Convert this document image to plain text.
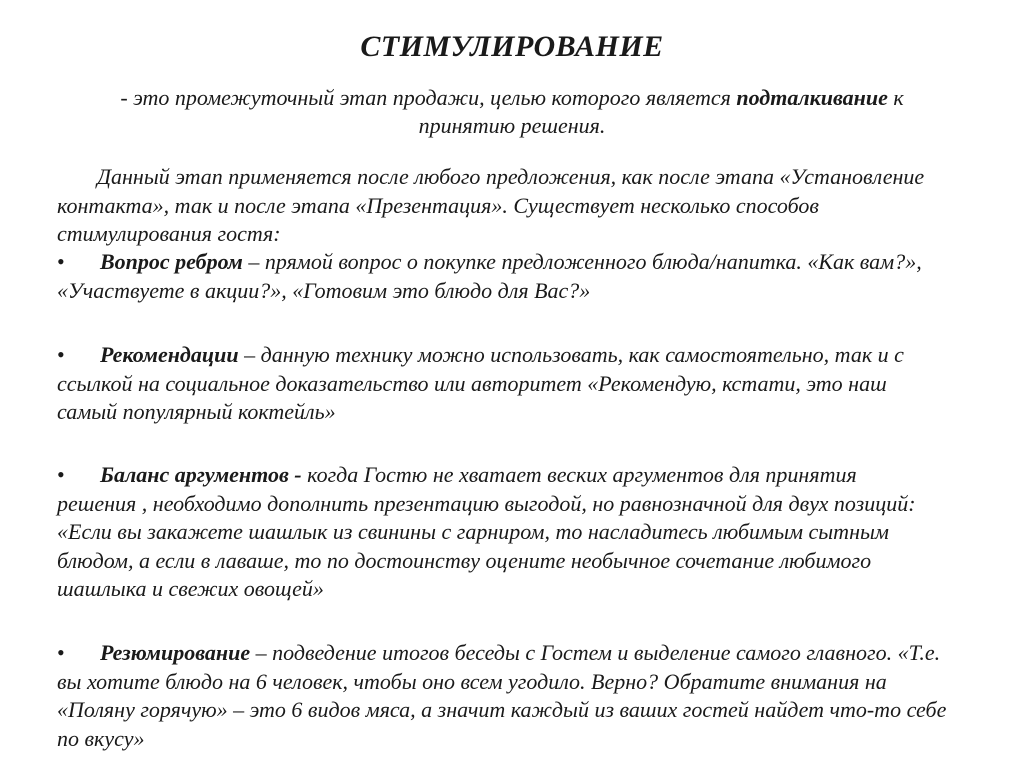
СТИМУЛИРОВАНИЕ
- это промежуточный этап продажи, целью которого является подталкивание к
принятию решения.
Данный этап применяется после любого предложения, как после этапа «Установление
контакта», так и после этапа «Презентация». Существует несколько способов
стимулирования гостя:
• Вопрос ребром – прямой вопрос о покупке предложенного блюда/напитка. «Как вам?»,
«Участвуете в акции?», «Готовим это блюдо для Вас?»
• Рекомендации – данную технику можно использовать, как самостоятельно, так и с
ссылкой на социальное доказательство или авторитет «Рекомендую, кстати, это наш
самый популярный коктейль»
• Баланс аргументов - когда Гостю не хватает веских аргументов для принятия
решения , необходимо дополнить презентацию выгодой, но равнозначной для двух позиций:
«Если вы закажете шашлык из свинины с гарниром, то насладитесь любимым сытным
блюдом, а если в лаваше, то по достоинству оцените необычное сочетание любимого
шашлыка и свежих овощей»
• Резюмирование – подведение итогов беседы с Гостем и выделение самого главного. «Т.е.
вы хотите блюдо на 6 человек, чтобы оно всем угодило. Верно? Обратите внимания на
«Поляну горячую» – это 6 видов мяса, а значит каждый из ваших гостей найдет что-то себе
по вкусу»
